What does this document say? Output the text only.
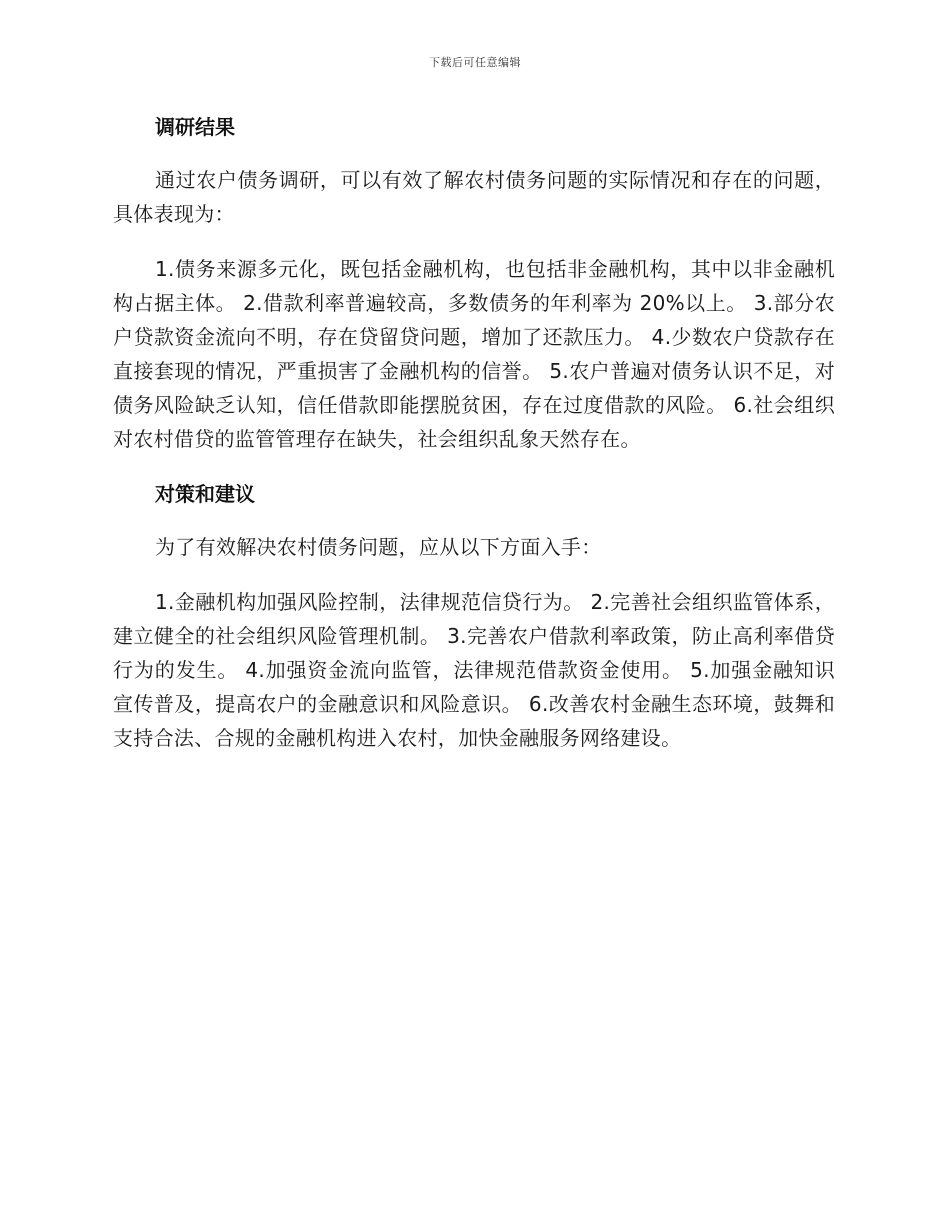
下载后可任意编辑
调研结果

通过农户债务调研，可以有效了解农村债务问题的实际情况和存在的问题，具体表现为：

1.债务来源多元化，既包括金融机构，也包括非金融机构，其中以非金融机构占据主体。 2.借款利率普遍较高，多数债务的年利率为 20%以上。 3.部分农户贷款资金流向不明，存在贷留贷问题，增加了还款压力。 4.少数农户贷款存在直接套现的情况，严重损害了金融机构的信誉。 5.农户普遍对债务认识不足，对债务风险缺乏认知，信任借款即能摆脱贫困，存在过度借款的风险。 6.社会组织对农村借贷的监管管理存在缺失，社会组织乱象天然存在。

对策和建议

为了有效解决农村债务问题，应从以下方面入手：

1.金融机构加强风险控制，法律规范信贷行为。 2.完善社会组织监管体系，建立健全的社会组织风险管理机制。 3.完善农户借款利率政策，防止高利率借贷行为的发生。 4.加强资金流向监管，法律规范借款资金使用。 5.加强金融知识宣传普及，提高农户的金融意识和风险意识。 6.改善农村金融生态环境，鼓舞和支持合法、合规的金融机构进入农村，加快金融服务网络建设。
